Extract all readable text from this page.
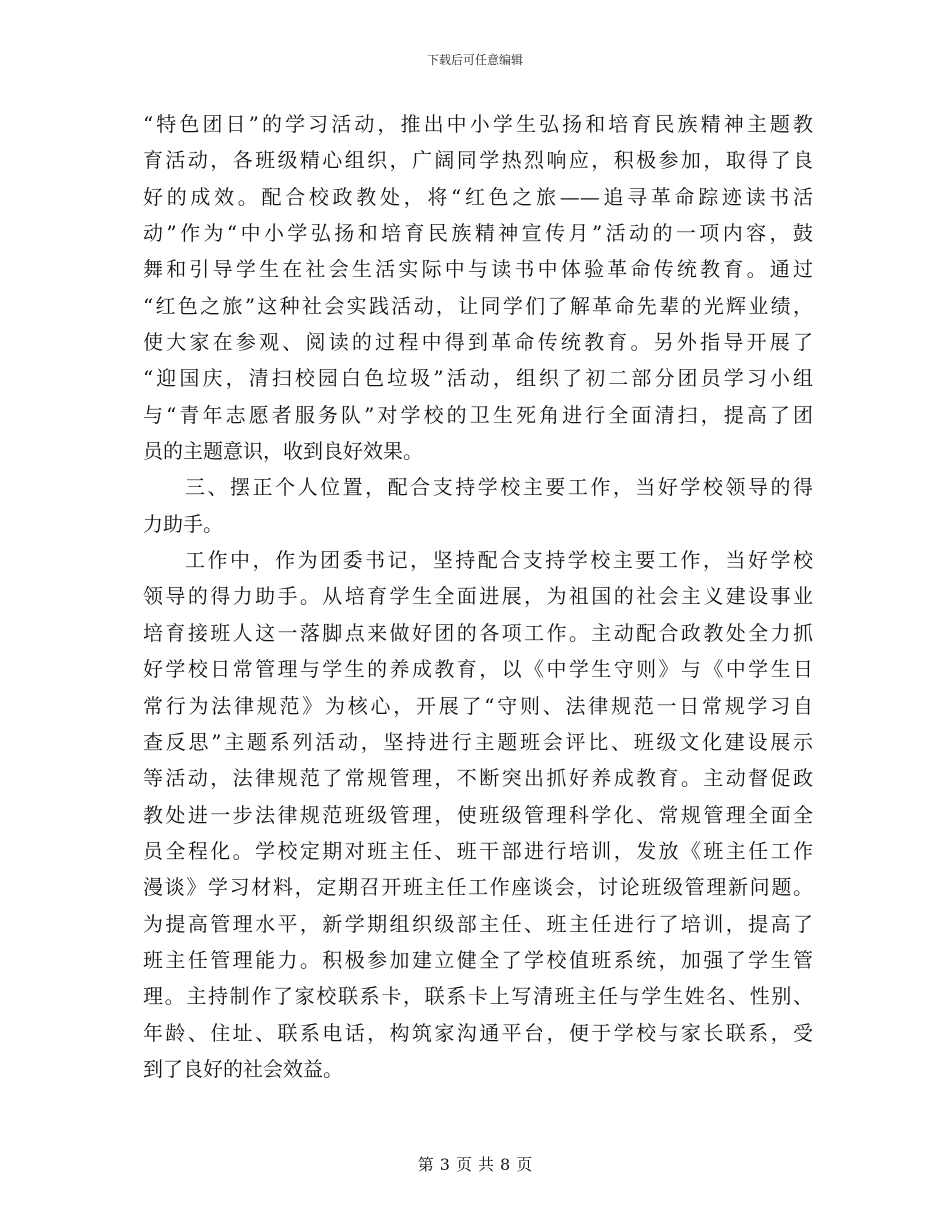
下载后可任意编辑
“特色团日”的学习活动，推出中小学生弘扬和培育民族精神主题教
育活动，各班级精心组织，广阔同学热烈响应，积极参加，取得了良
好的成效。配合校政教处，将“红色之旅——追寻革命踪迹读书活
动”作为“中小学弘扬和培育民族精神宣传月”活动的一项内容，鼓
舞和引导学生在社会生活实际中与读书中体验革命传统教育。通过
“红色之旅”这种社会实践活动，让同学们了解革命先辈的光辉业绩，
使大家在参观、阅读的过程中得到革命传统教育。另外指导开展了
“迎国庆，清扫校园白色垃圾”活动，组织了初二部分团员学习小组
与“青年志愿者服务队”对学校的卫生死角进行全面清扫，提高了团
员的主题意识，收到良好效果。
三、摆正个人位置，配合支持学校主要工作，当好学校领导的得
力助手。
工作中，作为团委书记，坚持配合支持学校主要工作，当好学校
领导的得力助手。从培育学生全面进展，为祖国的社会主义建设事业
培育接班人这一落脚点来做好团的各项工作。主动配合政教处全力抓
好学校日常管理与学生的养成教育，以《中学生守则》与《中学生日
常行为法律规范》为核心，开展了“守则、法律规范一日常规学习自
查反思”主题系列活动，坚持进行主题班会评比、班级文化建设展示
等活动，法律规范了常规管理，不断突出抓好养成教育。主动督促政
教处进一步法律规范班级管理，使班级管理科学化、常规管理全面全
员全程化。学校定期对班主任、班干部进行培训，发放《班主任工作
漫谈》学习材料，定期召开班主任工作座谈会，讨论班级管理新问题。
为提高管理水平，新学期组织级部主任、班主任进行了培训，提高了
班主任管理能力。积极参加建立健全了学校值班系统，加强了学生管
理。主持制作了家校联系卡，联系卡上写清班主任与学生姓名、性别、
年龄、住址、联系电话，构筑家沟通平台，便于学校与家长联系，受
到了良好的社会效益。
第 3 页 共 8 页
